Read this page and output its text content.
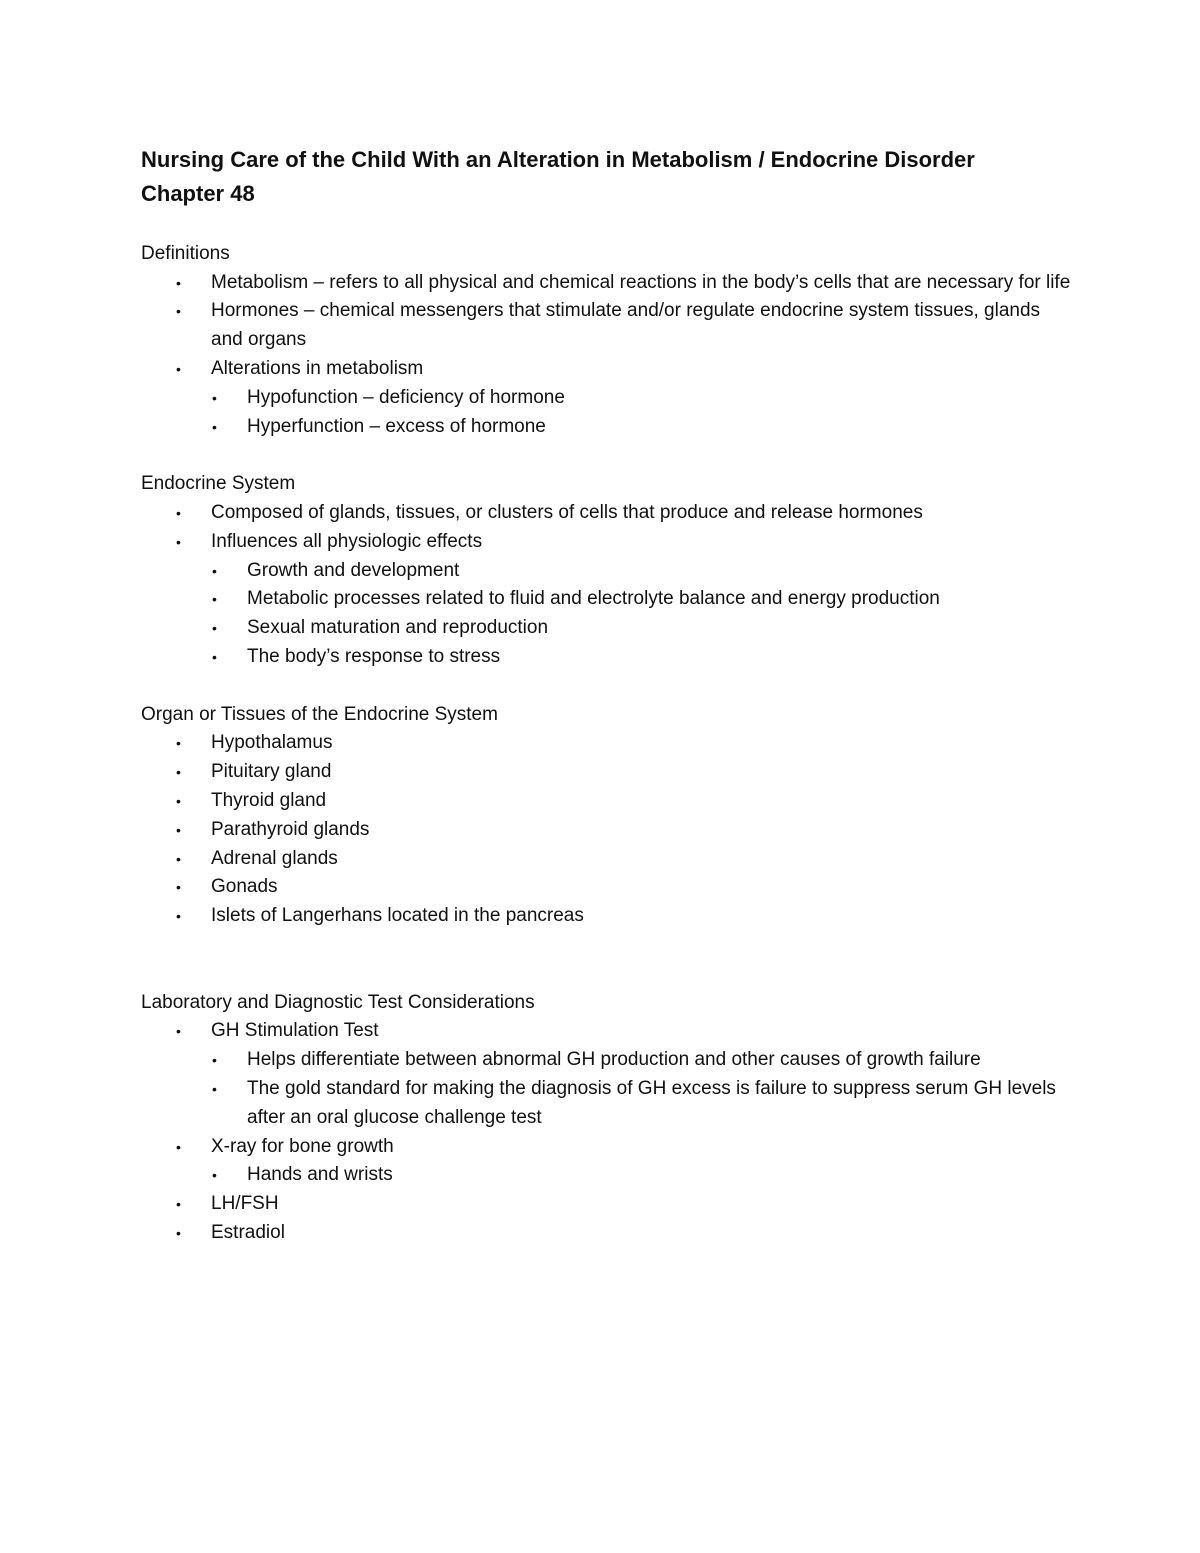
Nursing Care of the Child With an Alteration in Metabolism / Endocrine Disorder
Chapter 48
Definitions
• Metabolism – refers to all physical and chemical reactions in the body’s cells that are necessary for life
• Hormones – chemical messengers that stimulate and/or regulate endocrine system tissues, glands and organs
• Alterations in metabolism
• Hypofunction – deficiency of hormone
• Hyperfunction – excess of hormone
Endocrine System
• Composed of glands, tissues, or clusters of cells that produce and release hormones
• Influences all physiologic effects
• Growth and development
• Metabolic processes related to fluid and electrolyte balance and energy production
• Sexual maturation and reproduction
• The body’s response to stress
Organ or Tissues of the Endocrine System
• Hypothalamus
• Pituitary gland
• Thyroid gland
• Parathyroid glands
• Adrenal glands
• Gonads
• Islets of Langerhans located in the pancreas
Laboratory and Diagnostic Test Considerations
• GH Stimulation Test
• Helps differentiate between abnormal GH production and other causes of growth failure
• The gold standard for making the diagnosis of GH excess is failure to suppress serum GH levels after an oral glucose challenge test
• X-ray for bone growth
• Hands and wrists
• LH/FSH
• Estradiol
